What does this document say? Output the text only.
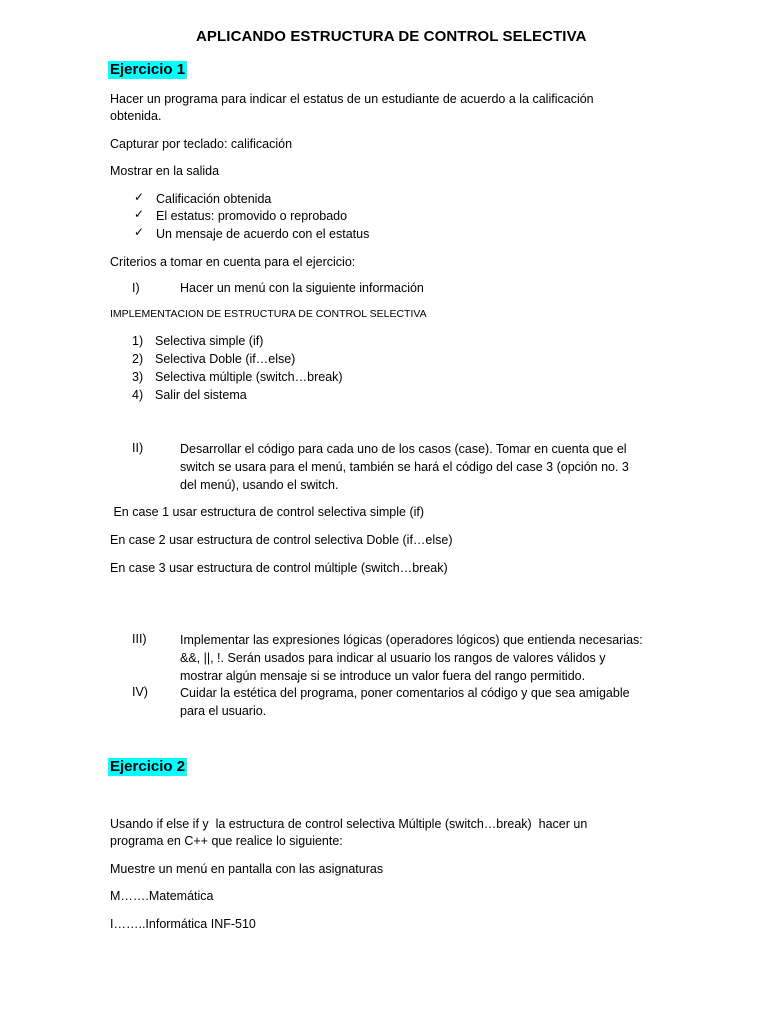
APLICANDO ESTRUCTURA DE CONTROL SELECTIVA
Ejercicio 1
Hacer un programa para indicar el estatus de un estudiante de acuerdo a la calificación
obtenida.
Capturar por teclado: calificación
Mostrar en la salida
✓ Calificación obtenida
✓ El estatus: promovido o reprobado
✓ Un mensaje de acuerdo con el estatus
Criterios a tomar en cuenta para el ejercicio:
I)	Hacer un menú con la siguiente información
IMPLEMENTACION DE ESTRUCTURA DE CONTROL SELECTIVA
1) Selectiva simple (if)
2) Selectiva Doble (if…else)
3) Selectiva múltiple (switch…break)
4) Salir del sistema
II)	Desarrollar el código para cada uno de los casos (case). Tomar en cuenta que el

switch se usara para el menú, también se hará el código del case 3 (opción no. 3

del menú), usando el switch.

En case 1 usar estructura de control selectiva simple (if)
En case 2 usar estructura de control selectiva Doble (if…else)
En case 3 usar estructura de control múltiple (switch…break)
III)	Implementar las expresiones lógicas (operadores lógicos) que entienda necesarias:

&&, ||, !. Serán usados para indicar al usuario los rangos de valores válidos y

mostrar algún mensaje si se introduce un valor fuera del rango permitido.

IV)	Cuidar la estética del programa, poner comentarios al código y que sea amigable

para el usuario.

Ejercicio 2
Usando if else if y  la estructura de control selectiva Múltiple (switch…break)  hacer un
programa en C++ que realice lo siguiente:
Muestre un menú en pantalla con las asignaturas
M…….Matemática
I……..Informática INF-510
